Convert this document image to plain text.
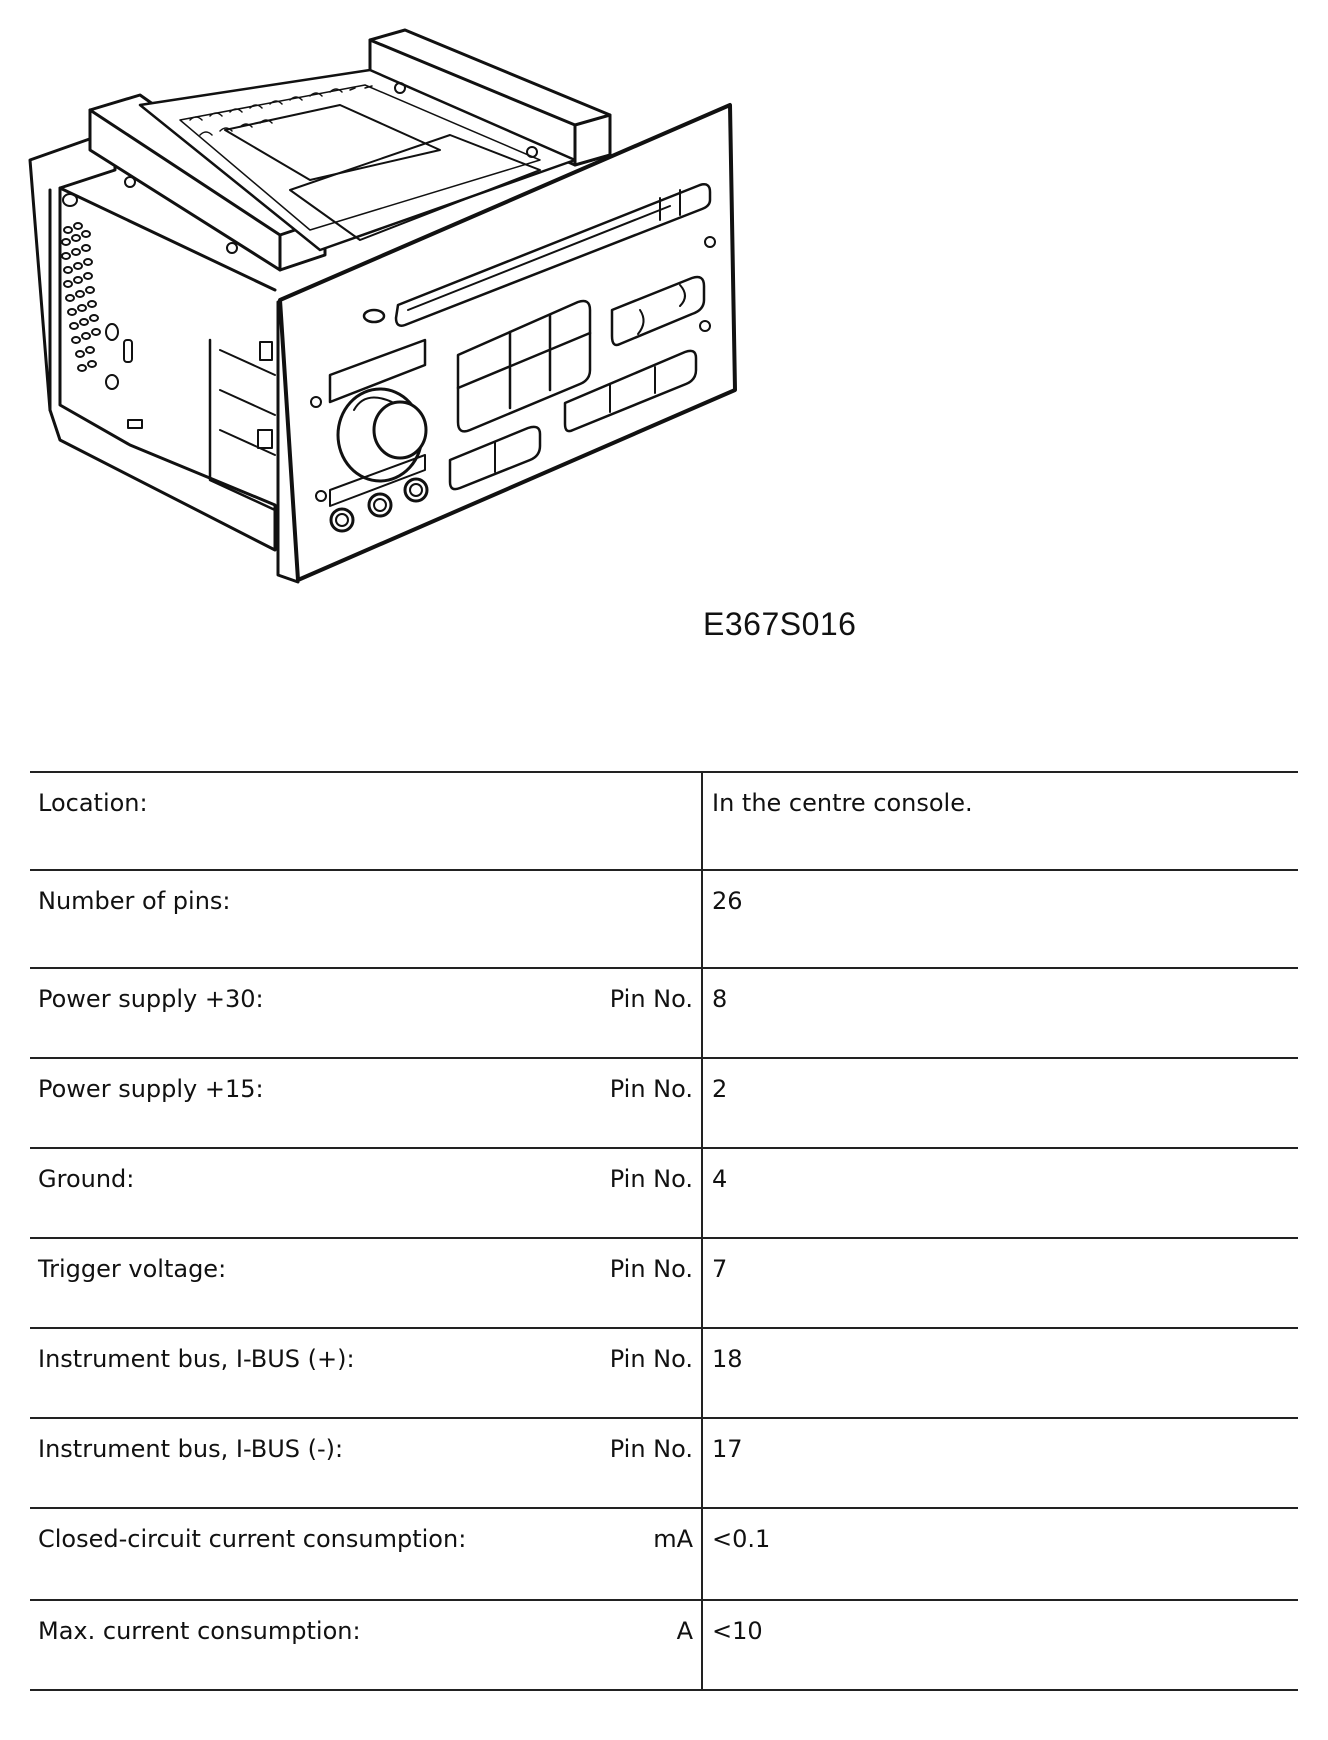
E367S016
Location:	In the centre console.

Number of pins:	26

Power supply +30: Pin No.	8

Power supply +15: Pin No.	2

Ground: Pin No.	4

Trigger voltage: Pin No.	7

Instrument bus, I-BUS (+): Pin No.	18

Instrument bus, I-BUS (-): Pin No.	17

Closed-circuit current consumption: mA	<0.1

Max. current consumption: A	<10
